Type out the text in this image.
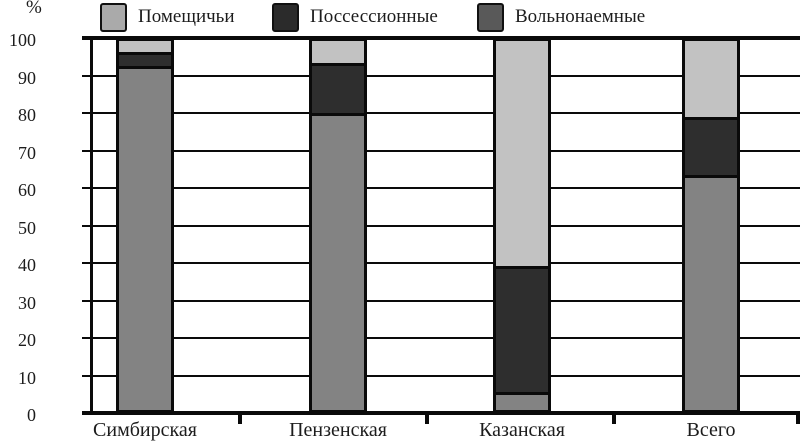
%	Помещичьи	Поссессионные	Вольнонаемные
0
10
20
30
40
50
60
70
80
90
100
Симбирская	Пензенская	Казанская	Всего
